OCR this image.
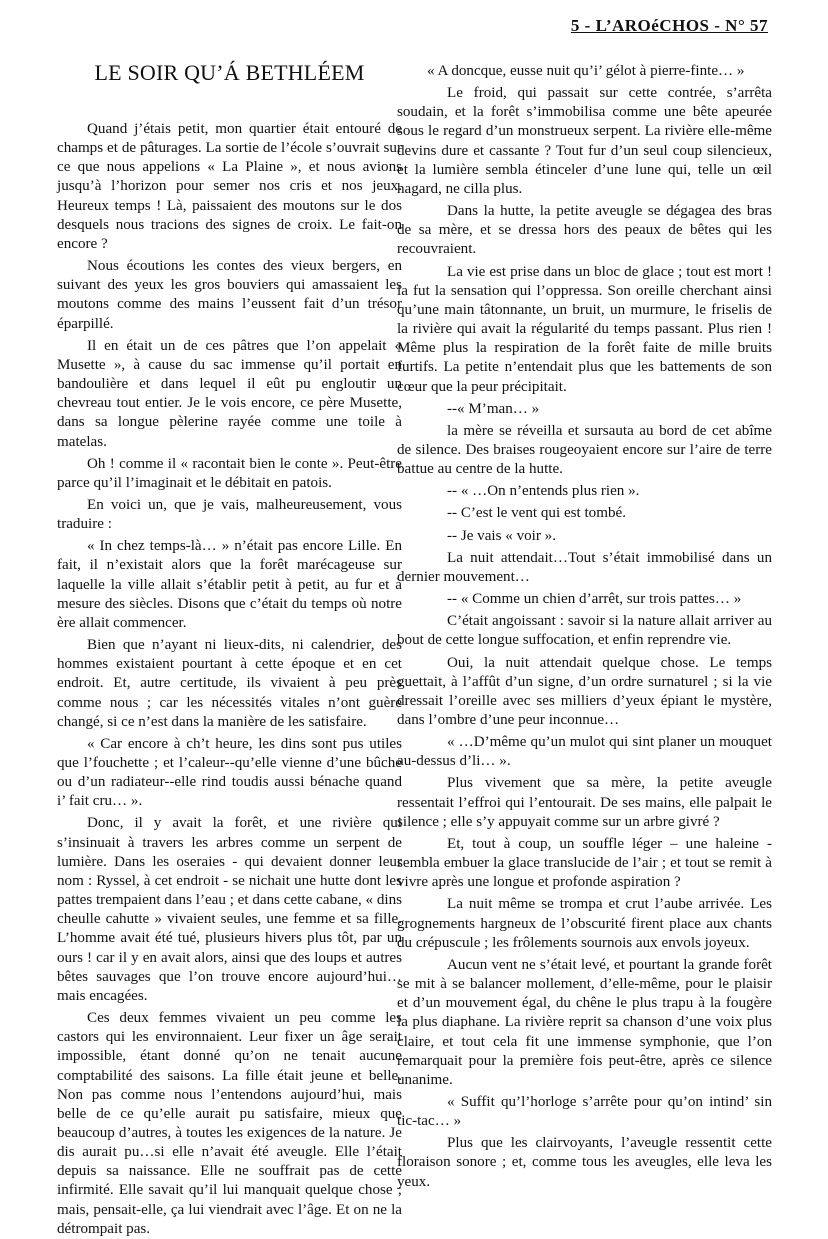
5 - L’AROéCHOS - N° 57
LE SOIR QU’Á BETHLÉEM

Quand j’étais petit, mon quartier était entouré de champs et de pâturages. La sortie de l’école s’ouvrait sur ce que nous appelions « La Plaine », et nous avions jusqu’à l’horizon pour semer nos cris et nos jeux. Heureux temps ! Là, paissaient des moutons sur le dos desquels nous tracions des signes de croix. Le fait-on encore ?

Nous écoutions les contes des vieux bergers, en suivant des yeux les gros bouviers qui amassaient les moutons comme des mains l’eussent fait d’un trésor éparpillé.

Il en était un de ces pâtres que l’on appelait « Musette », à cause du sac immense qu’il portait en bandoulière et dans lequel il eût pu engloutir un chevreau tout entier. Je le vois encore, ce père Musette, dans sa longue pèlerine rayée comme une toile à matelas.

Oh ! comme il « racontait bien le conte ». Peut-être parce qu’il l’imaginait et le débitait en patois.

En voici un, que je vais, malheureusement, vous traduire :

« In chez temps-là… » n’était pas encore Lille. En fait, il n’existait alors que la forêt marécageuse sur laquelle la ville allait s’établir petit à petit, au fur et à mesure des siècles. Disons que c’était du temps où notre ère allait commencer.

Bien que n’ayant ni lieux-dits, ni calendrier, des hommes existaient pourtant à cette époque et en cet endroit. Et, autre certitude, ils vivaient à peu près comme nous ; car les nécessités vitales n’ont guère changé, si ce n’est dans la manière de les satisfaire.

« Car encore à ch’t heure, les dins sont pus utiles que l’fouchette ; et l’caleur--qu’elle vienne d’une bûche ou d’un radiateur--elle rind toudis aussi bénache quand i’ fait cru… ».

Donc, il y avait la forêt, et une rivière qui s’insinuait à travers les arbres comme un serpent de lumière. Dans les oseraies - qui devaient donner leur nom : Ryssel, à cet endroit - se nichait une hutte dont les pattes trempaient dans l’eau ; et dans cette cabane, « dins cheulle cahutte » vivaient seules, une femme et sa fille. L’homme avait été tué, plusieurs hivers plus tôt, par un ours ! car il y en avait alors, ainsi que des loups et autres bêtes sauvages que l’on trouve encore aujourd’hui…mais encagées.

Ces deux femmes vivaient un peu comme les castors qui les environnaient. Leur fixer un âge serait impossible, étant donné qu’on ne tenait aucune comptabilité des saisons. La fille était jeune et belle. Non pas comme nous l’entendons aujourd’hui, mais belle de ce qu’elle aurait pu satisfaire, mieux que beaucoup d’autres, à toutes les exigences de la nature. Je dis aurait pu…si elle n’avait été aveugle. Elle l’était depuis sa naissance. Elle ne souffrait pas de cette infirmité. Elle savait qu’il lui manquait quelque chose ; mais, pensait-elle, ça lui viendrait avec l’âge. Et on ne la détrompait pas.

« A doncque, eusse nuit qu’i’ gélot à pierre-finte… »

Le froid, qui passait sur cette contrée, s’arrêta soudain, et la forêt s’immobilisa comme une bête apeurée sous le regard d’un monstrueux serpent. La rivière elle-même devins dure et cassante ? Tout fur d’un seul coup silencieux, et la lumière sembla étinceler d’une lune qui, telle un œil hagard, ne cilla plus.

Dans la hutte, la petite aveugle se dégagea des bras de sa mère, et se dressa hors des peaux de bêtes qui les recouvraient.

La vie est prise dans un bloc de glace ; tout est mort ! la fut la sensation qui l’oppressa. Son oreille cherchant ainsi qu’une main tâtonnante, un bruit, un murmure, le friselis de la rivière qui avait la régularité du temps passant. Plus rien ! Même plus la respiration de la forêt faite de mille bruits furtifs. La petite n’entendait plus que les battements de son cœur que la peur précipitait.

--« M’man… »

la mère se réveilla et sursauta au bord de cet abîme de silence. Des braises rougeoyaient encore sur l’aire de terre battue au centre de la hutte.

-- « …On n’entends plus rien ».

-- C’est le vent qui est tombé.

-- Je vais « voir ».

La nuit attendait…Tout s’était immobilisé dans un dernier mouvement…

-- « Comme un chien d’arrêt, sur trois pattes… »

C’était angoissant : savoir si la nature allait arriver au bout de cette longue suffocation, et enfin reprendre vie.

Oui, la nuit attendait quelque chose. Le temps guettait, à l’affût d’un signe, d’un ordre surnaturel ; si la vie dressait l’oreille avec ses milliers d’yeux épiant le mystère, dans l’ombre d’une peur inconnue…

« …D’même qu’un mulot qui sint planer un mouquet au-dessus d’li… ».

Plus vivement que sa mère, la petite aveugle ressentait l’effroi qui l’entourait. De ses mains, elle palpait le silence ; elle s’y appuyait comme sur un arbre givré ?

Et, tout à coup, un souffle léger – une haleine - sembla embuer la glace translucide de l’air ; et tout se remit à vivre après une longue et profonde aspiration ?

La nuit même se trompa et crut l’aube arrivée. Les grognements hargneux de l’obscurité firent place aux chants du crépuscule ; les frôlements sournois aux envols joyeux.

Aucun vent ne s’était levé, et pourtant la grande forêt se mit à se balancer mollement, d’elle-même, pour le plaisir et d’un mouvement égal, du chêne le plus trapu à la fougère la plus diaphane. La rivière reprit sa chanson d’une voix plus claire, et tout cela fit une immense symphonie, que l’on remarquait pour la première fois peut-être, après ce silence unanime.

« Suffit qu’l’horloge s’arrête pour qu’on intind’ sin tic-tac… »

Plus que les clairvoyants, l’aveugle ressentit cette floraison sonore ; et, comme tous les aveugles, elle leva les yeux.
